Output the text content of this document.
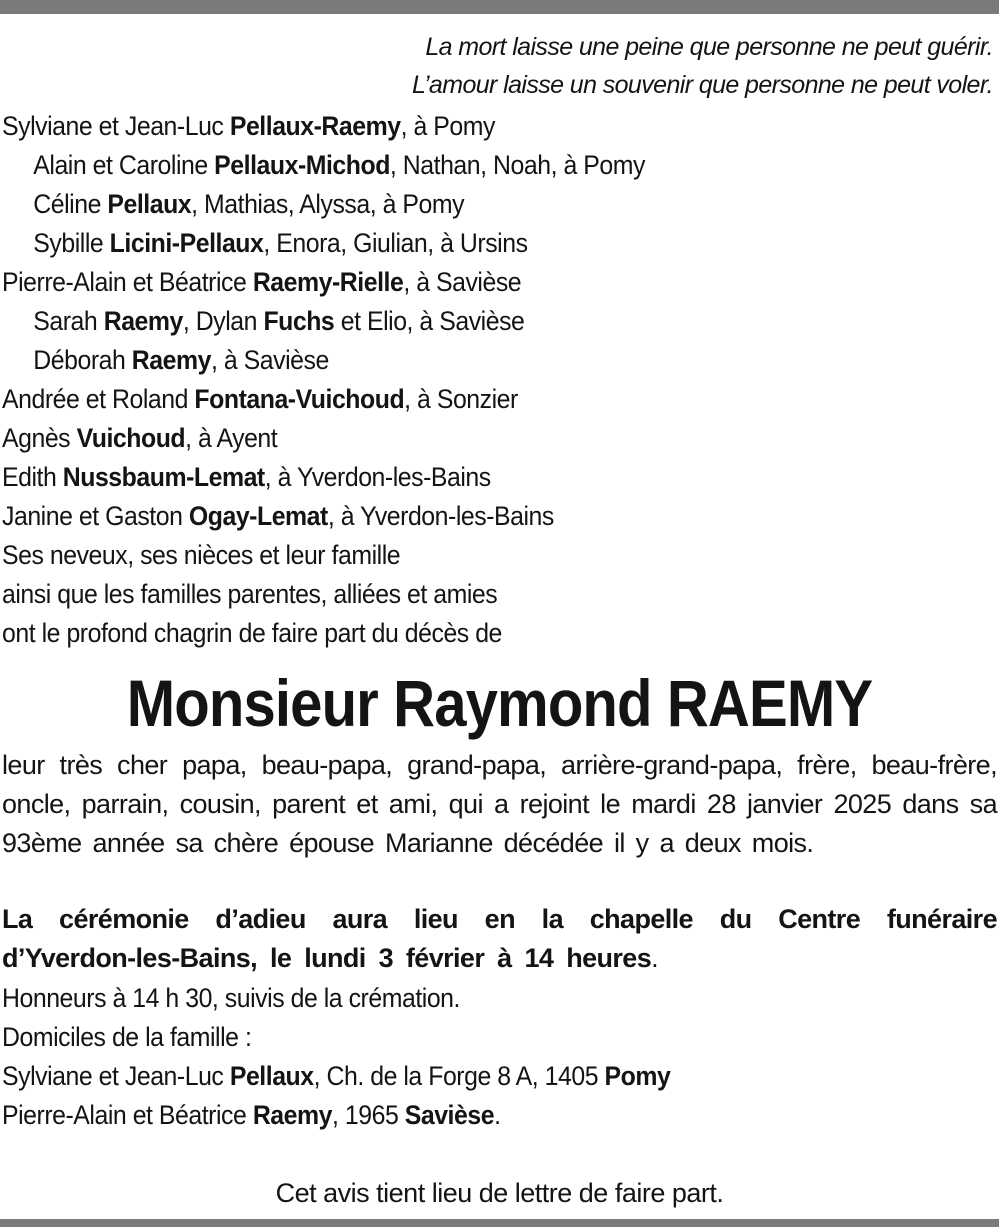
La mort laisse une peine que personne ne peut guérir.
L’amour laisse un souvenir que personne ne peut voler.
Sylviane et Jean-Luc Pellaux-Raemy, à Pomy
Alain et Caroline Pellaux-Michod, Nathan, Noah, à Pomy
Céline Pellaux, Mathias, Alyssa, à Pomy
Sybille Licini-Pellaux, Enora, Giulian, à Ursins
Pierre-Alain et Béatrice Raemy-Rielle, à Savièse
Sarah Raemy, Dylan Fuchs et Elio, à Savièse
Déborah Raemy, à Savièse
Andrée et Roland Fontana-Vuichoud, à Sonzier
Agnès Vuichoud, à Ayent
Edith Nussbaum-Lemat, à Yverdon-les-Bains
Janine et Gaston Ogay-Lemat, à Yverdon-les-Bains
Ses neveux, ses nièces et leur famille
ainsi que les familles parentes, alliées et amies
ont le profond chagrin de faire part du décès de
Monsieur Raymond RAEMY
leur très cher papa, beau-papa, grand-papa, arrière-grand-papa, frère, beau-frère, oncle, parrain, cousin, parent et ami, qui a rejoint le mardi 28 janvier 2025 dans sa 93ème année sa chère épouse Marianne décédée il y a deux mois.
La cérémonie d’adieu aura lieu en la chapelle du Centre funéraire d’Yverdon-les-Bains, le lundi 3 février à 14 heures.
Honneurs à 14 h 30, suivis de la crémation.
Domiciles de la famille :
Sylviane et Jean-Luc Pellaux, Ch. de la Forge 8 A, 1405 Pomy
Pierre-Alain et Béatrice Raemy, 1965 Savièse.
Cet avis tient lieu de lettre de faire part.
